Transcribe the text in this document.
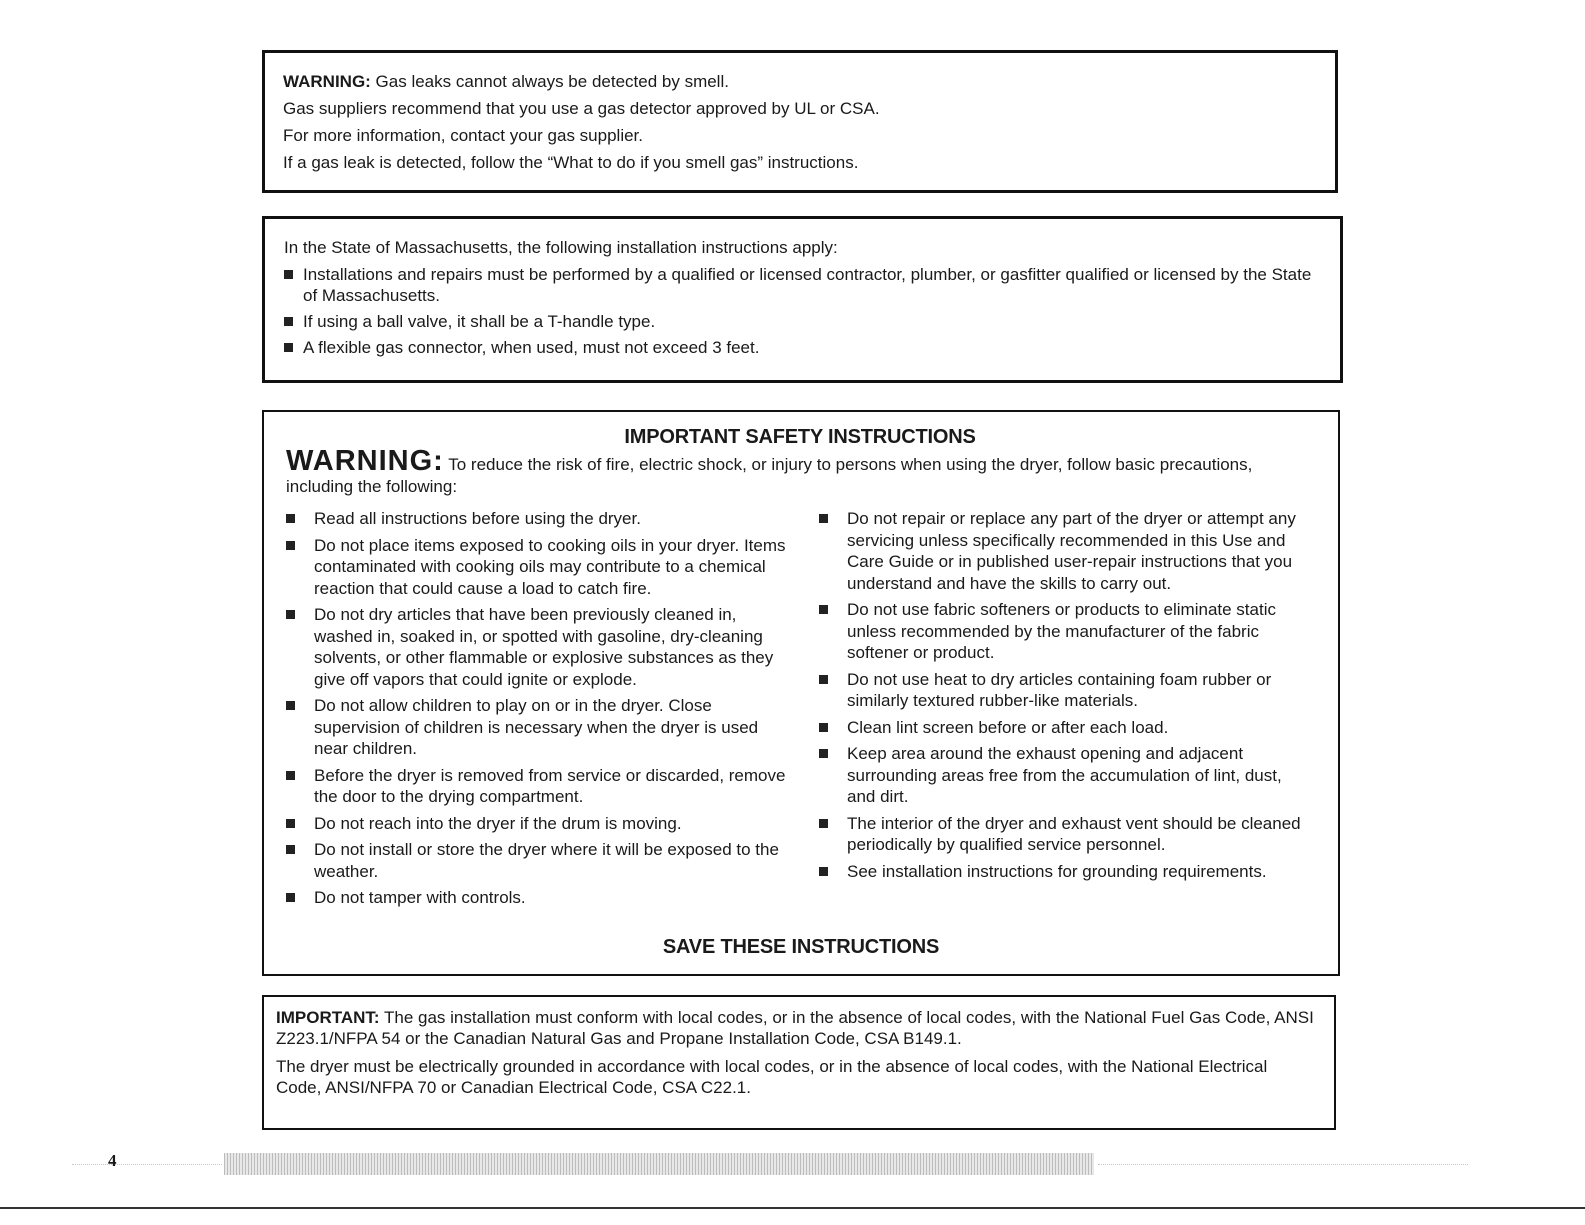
WARNING: Gas leaks cannot always be detected by smell.

Gas suppliers recommend that you use a gas detector approved by UL or CSA.

For more information, contact your gas supplier.

If a gas leak is detected, follow the “What to do if you smell gas” instructions.

In the State of Massachusetts, the following installation instructions apply:

Installations and repairs must be performed by a qualified or licensed contractor, plumber, or gasfitter qualified or licensed by the State of Massachusetts.
If using a ball valve, it shall be a T-handle type.
A flexible gas connector, when used, must not exceed 3 feet.

IMPORTANT SAFETY INSTRUCTIONS

WARNING: To reduce the risk of fire, electric shock, or injury to persons when using the dryer, follow basic precautions, including the following:

Read all instructions before using the dryer.
Do not place items exposed to cooking oils in your dryer. Items contaminated with cooking oils may contribute to a chemical reaction that could cause a load to catch fire.
Do not dry articles that have been previously cleaned in, washed in, soaked in, or spotted with gasoline, dry-cleaning solvents, or other flammable or explosive substances as they give off vapors that could ignite or explode.
Do not allow children to play on or in the dryer. Close supervision of children is necessary when the dryer is used near children.
Before the dryer is removed from service or discarded, remove the door to the drying compartment.
Do not reach into the dryer if the drum is moving.
Do not install or store the dryer where it will be exposed to the weather.
Do not tamper with controls.
Do not repair or replace any part of the dryer or attempt any servicing unless specifically recommended in this Use and Care Guide or in published user-repair instructions that you understand and have the skills to carry out.
Do not use fabric softeners or products to eliminate static unless recommended by the manufacturer of the fabric softener or product.
Do not use heat to dry articles containing foam rubber or similarly textured rubber-like materials.
Clean lint screen before or after each load.
Keep area around the exhaust opening and adjacent surrounding areas free from the accumulation of lint, dust, and dirt.
The interior of the dryer and exhaust vent should be cleaned periodically by qualified service personnel.
See installation instructions for grounding requirements.

SAVE THESE INSTRUCTIONS

IMPORTANT: The gas installation must conform with local codes, or in the absence of local codes, with the National Fuel Gas Code, ANSI Z223.1/NFPA 54 or the Canadian Natural Gas and Propane Installation Code, CSA B149.1.

The dryer must be electrically grounded in accordance with local codes, or in the absence of local codes, with the National Electrical Code, ANSI/NFPA 70 or Canadian Electrical Code, CSA C22.1.

4
